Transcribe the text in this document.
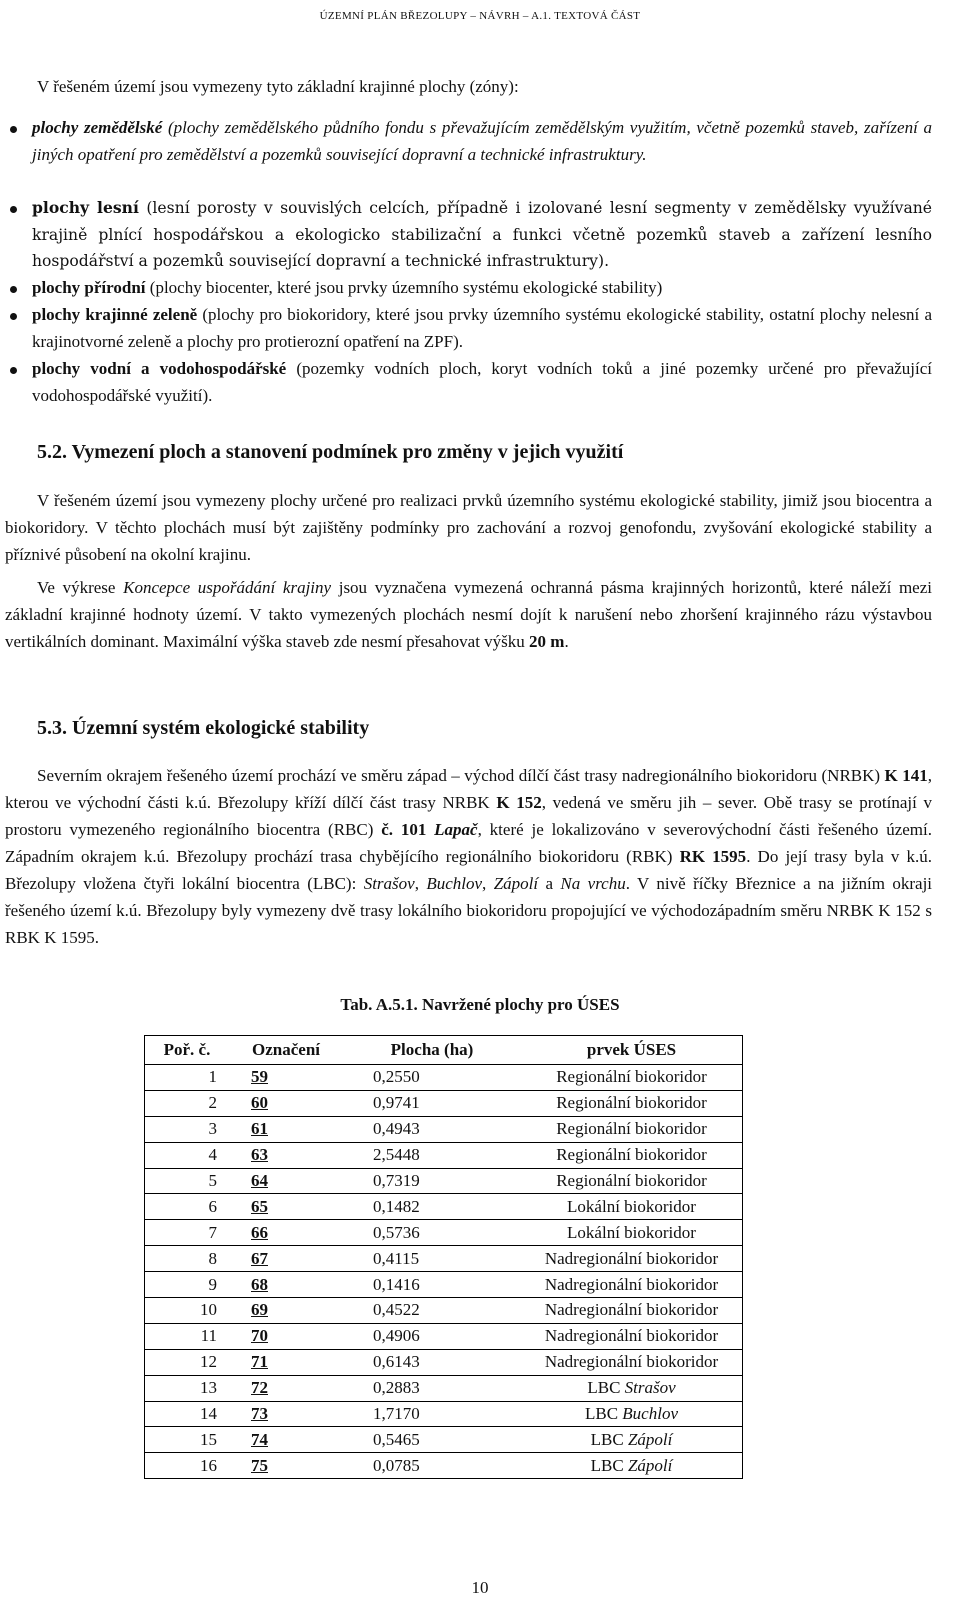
ÚZEMNÍ PLÁN BŘEZOLUPY – NÁVRH – A.1. TEXTOVÁ ČÁST
V řešeném území jsou vymezeny tyto základní krajinné plochy (zóny):
plochy zemědělské (plochy zemědělského půdního fondu s převažujícím zemědělským využitím, včetně pozemků staveb, zařízení a jiných opatření pro zemědělství a pozemků související dopravní a technické infrastruktury.
plochy lesní (lesní porosty v souvislých celcích, případně i izolované lesní segmenty v zemědělsky využívané krajině plnící hospodářskou a ekologicko stabilizační a funkci včetně pozemků staveb a zařízení lesního hospodářství a pozemků související dopravní a technické infrastruktury).
plochy přírodní (plochy biocenter, které jsou prvky územního systému ekologické stability)
plochy krajinné zeleně (plochy pro biokoridory, které jsou prvky územního systému ekologické stability, ostatní plochy nelesní a krajinotvorné zeleně a plochy pro protierozní opatření na ZPF).
plochy vodní a vodohospodářské (pozemky vodních ploch, koryt vodních toků a jiné pozemky určené pro převažující vodohospodářské využití).
5.2. Vymezení ploch a stanovení podmínek pro změny v jejich využití
V řešeném území jsou vymezeny plochy určené pro realizaci prvků územního systému ekologické stability, jimiž jsou biocentra a biokoridory. V těchto plochách musí být zajištěny podmínky pro zachování a rozvoj genofondu, zvyšování ekologické stability a příznivé působení na okolní krajinu.
Ve výkrese Koncepce uspořádání krajiny jsou vyznačena vymezená ochranná pásma krajinných horizontů, které náleží mezi základní krajinné hodnoty území. V takto vymezených plochách nesmí dojít k narušení nebo zhoršení krajinného rázu výstavbou vertikálních dominant. Maximální výška staveb zde nesmí přesahovat výšku 20 m.
5.3. Územní systém ekologické stability
Severním okrajem řešeného území prochází ve směru západ – východ dílčí část trasy nadregionálního biokoridoru (NRBK) K 141, kterou ve východní části k.ú. Březolupy kříží dílčí část trasy NRBK K 152, vedená ve směru jih – sever. Obě trasy se protínají v prostoru vymezeného regionálního biocentra (RBC) č. 101 Lapač, které je lokalizováno v severovýchodní části řešeného území. Západním okrajem k.ú. Březolupy prochází trasa chybějícího regionálního biokoridoru (RBK) RK 1595. Do její trasy byla v k.ú. Březolupy vložena čtyři lokální biocentra (LBC): Strašov, Buchlov, Zápolí a Na vrchu. V nivě říčky Březnice a na jižním okraji řešeného území k.ú. Březolupy byly vymezeny dvě trasy lokálního biokoridoru propojující ve východozápadním směru NRBK K 152 s RBK K 1595.
Tab. A.5.1. Navržené plochy pro ÚSES
Poř. č.	Označení	Plocha (ha)	prvek ÚSES
1	59	0,2550	Regionální biokoridor
2	60	0,9741	Regionální biokoridor
3	61	0,4943	Regionální biokoridor
4	63	2,5448	Regionální biokoridor
5	64	0,7319	Regionální biokoridor
6	65	0,1482	Lokální biokoridor
7	66	0,5736	Lokální biokoridor
8	67	0,4115	Nadregionální biokoridor
9	68	0,1416	Nadregionální biokoridor
10	69	0,4522	Nadregionální biokoridor
11	70	0,4906	Nadregionální biokoridor
12	71	0,6143	Nadregionální biokoridor
13	72	0,2883	LBC Strašov
14	73	1,7170	LBC Buchlov
15	74	0,5465	LBC Zápolí
16	75	0,0785	LBC Zápolí
10
